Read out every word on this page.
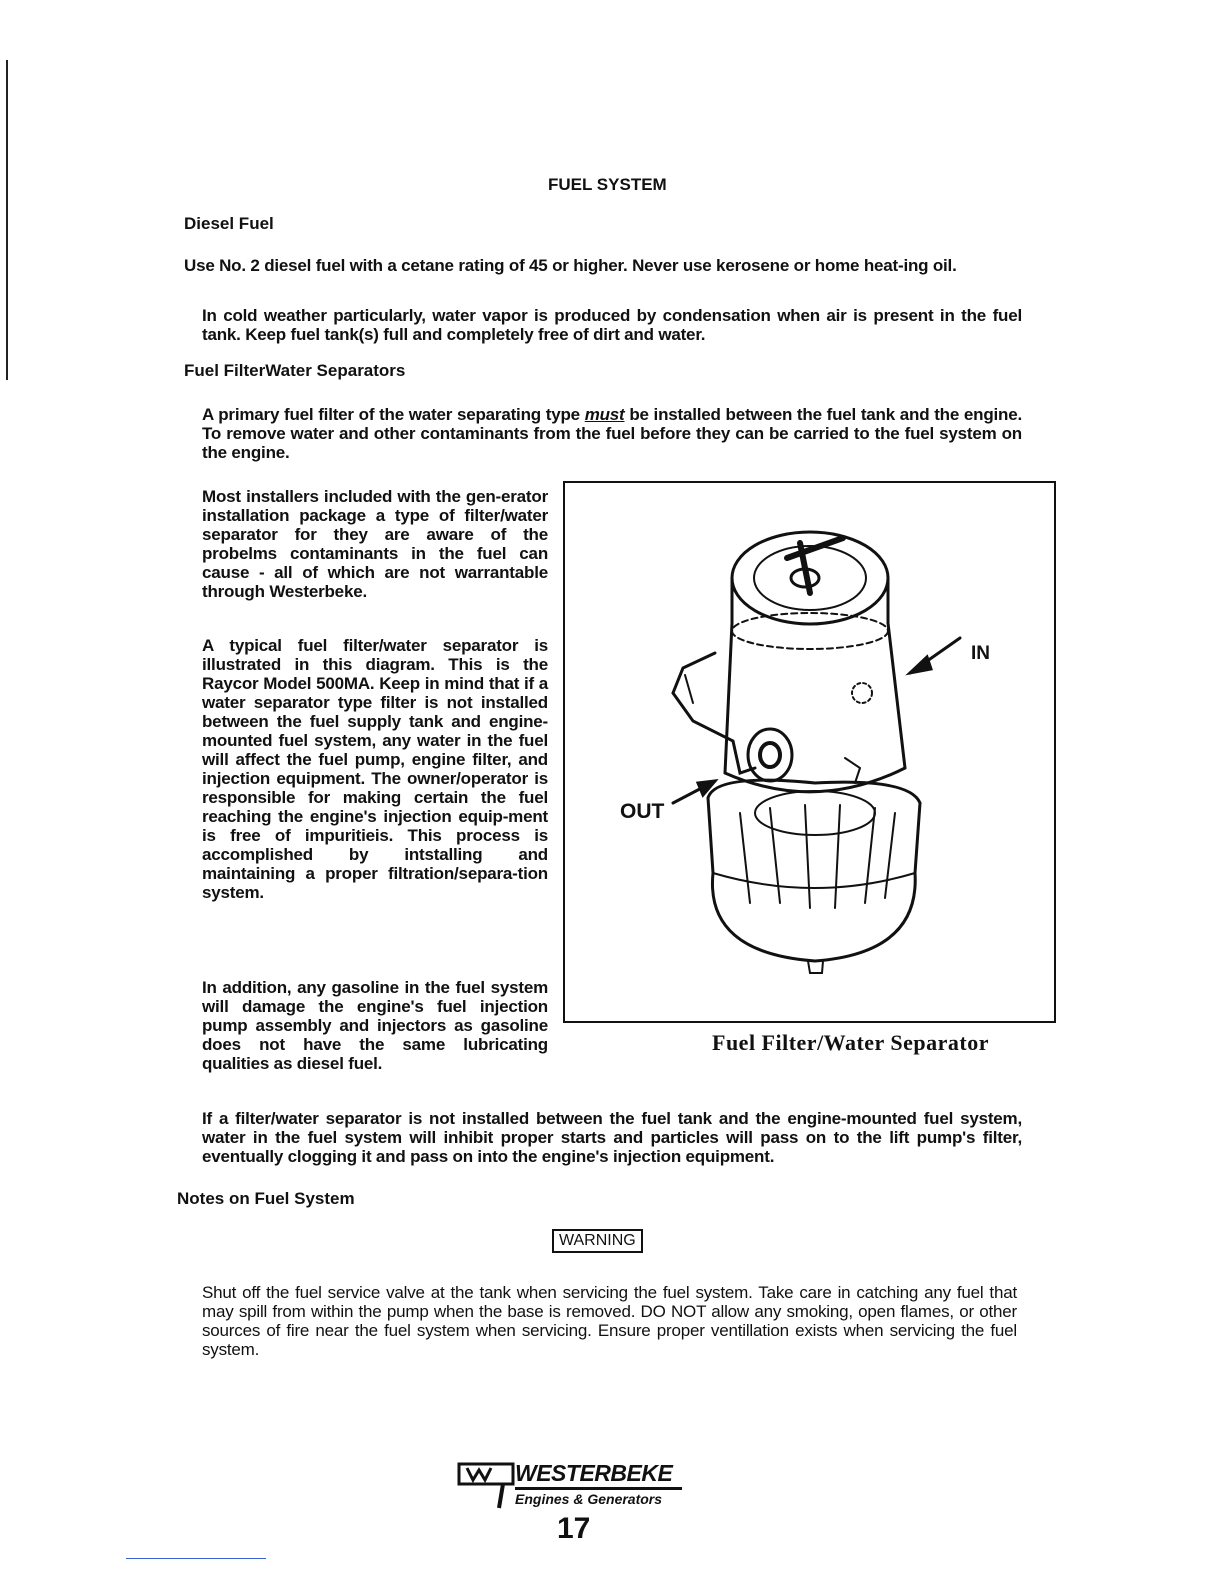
FUEL SYSTEM
Diesel Fuel
Use No. 2 diesel fuel with a cetane rating of 45 or higher. Never use kerosene or home heat-ing oil.
In cold weather particularly, water vapor is produced by condensation when air is present in the fuel tank. Keep fuel tank(s) full and completely free of dirt and water.
Fuel FilterWater Separators
A primary fuel filter of the water separating type must be installed between the fuel tank and the engine. To remove water and other contaminants from the fuel before they can be carried to the fuel system on the engine.
Most installers included with the gen-erator installation package a type of filter/water separator for they are aware of the probelms contaminants in the fuel can cause - all of which are not warrantable through Westerbeke.
A typical fuel filter/water separator is illustrated in this diagram. This is the Raycor Model 500MA. Keep in mind that if a water separator type filter is not installed between the fuel supply tank and engine-mounted fuel system, any water in the fuel will affect the fuel pump, engine filter, and injection equipment. The owner/operator is responsible for making certain the fuel reaching the engine's injection equip-ment is free of impuritieis. This process is accomplished by intstalling and maintaining a proper filtration/separa-tion system.
In addition, any gasoline in the fuel system will damage the engine's fuel injection pump assembly and injectors as gasoline does not have the same lubricating qualities as diesel fuel.
IN
OUT
Fuel Filter/Water Separator
If a filter/water separator is not installed between the fuel tank and the engine-mounted fuel system, water in the fuel system will inhibit proper starts and particles will pass on to the lift pump's filter, eventually clogging it and pass on into the engine's injection equipment.
Notes on Fuel System
WARNING
Shut off the fuel service valve at the tank when servicing the fuel system. Take care in catching any fuel that may spill from within the pump when the base is removed. DO NOT allow any smoking, open flames, or other sources of fire near the fuel system when servicing. Ensure proper ventillation exists when servicing the fuel system.
WESTERBEKE
Engines & Generators
17
